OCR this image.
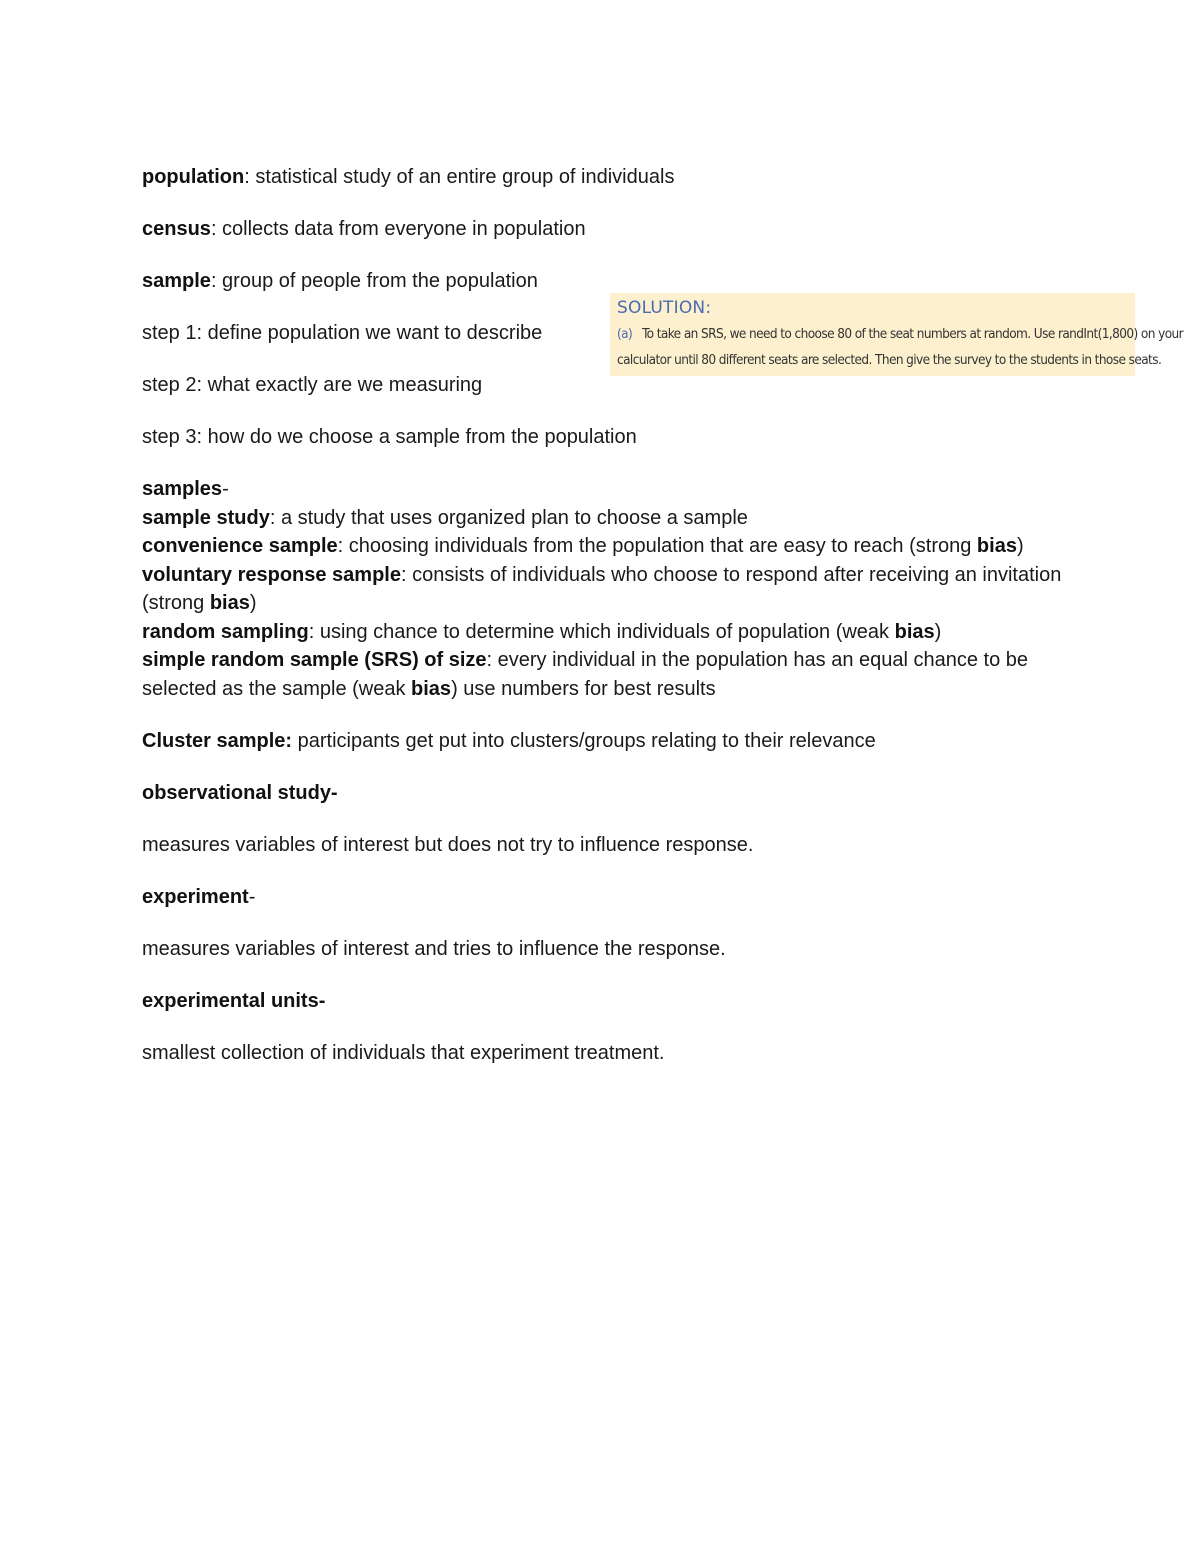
population: statistical study of an entire group of individuals

census: collects data from everyone in population

sample: group of people from the population

step 1: define population we want to describe

step 2: what exactly are we measuring

step 3: how do we choose a sample from the population

samples-

sample study: a study that uses organized plan to choose a sample

convenience sample: choosing individuals from the population that are easy to reach (strong bias)

voluntary response sample: consists of individuals who choose to respond after receiving an invitation (strong bias)

random sampling: using chance to determine which individuals of population (weak bias)

simple random sample (SRS) of size: every individual in the population has an equal chance to be selected as the sample (weak bias) use numbers for best results

Cluster sample: participants get put into clusters/groups relating to their relevance

observational study-

measures variables of interest but does not try to influence response.

experiment-

measures variables of interest and tries to influence the response.

experimental units-

smallest collection of individuals that experiment treatment.

SOLUTION:
(a) To take an SRS, we need to choose 80 of the seat numbers at random. Use randInt(1,800) on your
calculator until 80 different seats are selected. Then give the survey to the students in those seats.
